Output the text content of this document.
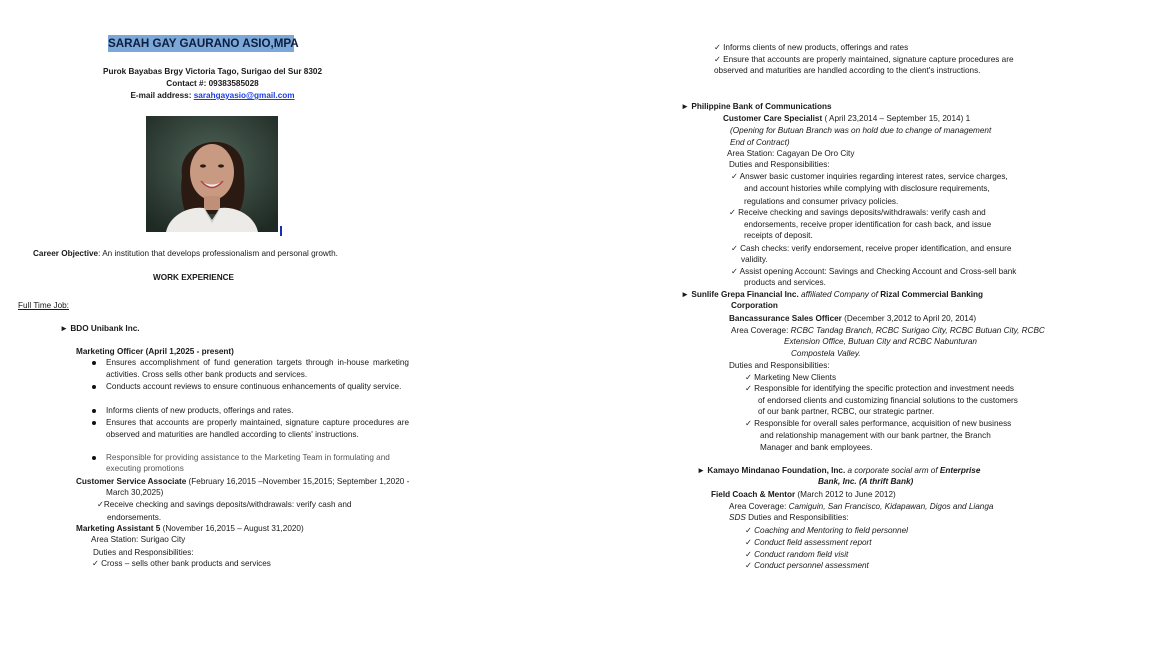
SARAH GAY GAURANO ASIO,MPA
Purok Bayabas Brgy Victoria Tago, Surigao del Sur 8302
Contact #: 09383585028
E-mail address: sarahgayasio@gmail.com
Career Objective: An institution that develops professionalism and personal growth.
WORK EXPERIENCE
Full Time Job:
► BDO Unibank Inc.
Marketing Officer (April 1,2025 - present)
Ensures accomplishment of fund generation targets through in-house marketing activities. Cross sells other bank products and services.
Conducts account reviews to ensure continuous enhancements of quality service.
Informs clients of new products, offerings and rates.
Ensures that accounts are properly maintained, signature capture procedures are observed and maturities are handled according to clients' instructions.
Responsible for providing assistance to the Marketing Team in formulating and executing promotions
Customer Service Associate (February 16,2015 –November 15,2015; September 1,2020 -
March 30,2025)
✓Receive checking and savings deposits/withdrawals: verify cash and
endorsements.
Marketing Assistant 5 (November 16,2015 – August 31,2020)
Area Station: Surigao City
Duties and Responsibilities:
✓ Cross – sells other bank products and services
✓ Informs clients of new products, offerings and rates
✓ Ensure that accounts are properly maintained, signature capture procedures are
observed and maturities are handled according to the client's instructions.
► Philippine Bank of Communications
Customer Care Specialist ( April 23,2014 – September 15, 2014) 1
(Opening for Butuan Branch was on hold due to change of management
End of Contract)
Area Station: Cagayan De Oro City
Duties and Responsibilities:
✓ Answer basic customer inquiries regarding interest rates, service charges,
and account histories while complying with disclosure requirements,
regulations and consumer privacy policies.
✓ Receive checking and savings deposits/withdrawals: verify cash and
endorsements, receive proper identification for cash back, and issue
receipts of deposit.
✓ Cash checks: verify endorsement, receive proper identification, and ensure
validity.
✓ Assist opening Account: Savings and Checking Account and Cross-sell bank
products and services.
► Sunlife Grepa Financial Inc. affiliated Company of Rizal Commercial Banking
Corporation
Bancassurance Sales Officer (December 3,2012 to April 20, 2014)
Area Coverage: RCBC Tandag Branch, RCBC Surigao City, RCBC Butuan City, RCBC
Extension Office, Butuan City and RCBC Nabunturan
Compostela Valley.
Duties and Responsibilities:
✓ Marketing New Clients
✓ Responsible for identifying the specific protection and investment needs
of endorsed clients and customizing financial solutions to the customers
of our bank partner, RCBC, our strategic partner.
✓ Responsible for overall sales performance, acquisition of new business
and relationship management with our bank partner, the Branch
Manager and bank employees.
► Kamayo Mindanao Foundation, Inc. a corporate social arm of Enterprise
Bank, Inc. (A thrift Bank)
Field Coach & Mentor (March 2012 to June 2012)
Area Coverage: Camiguin, San Francisco, Kidapawan, Digos and Lianga
SDS Duties and Responsibilities:
✓ Coaching and Mentoring to field personnel
✓ Conduct field assessment report
✓ Conduct random field visit
✓ Conduct personnel assessment
